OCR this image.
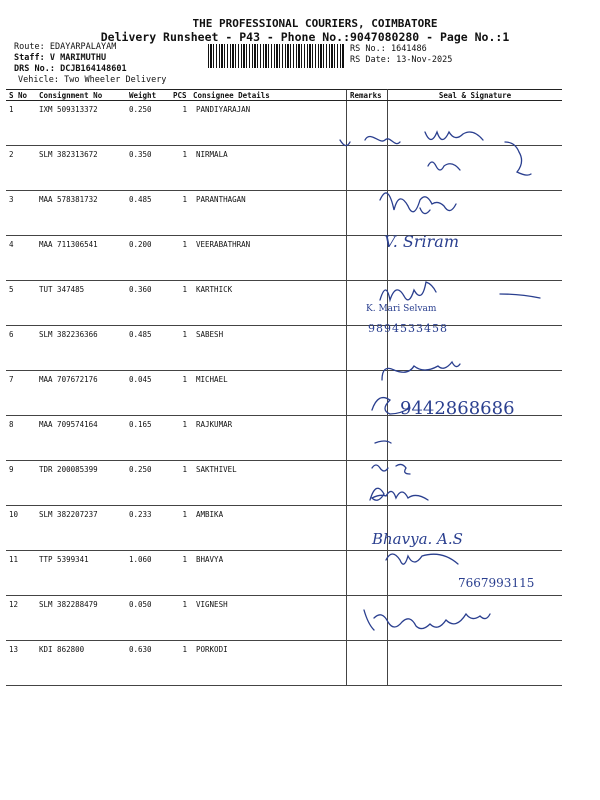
THE PROFESSIONAL COURIERS, COIMBATORE
Delivery Runsheet - P43 - Phone No.:9047080280 - Page No.:1
Route: EDAYARPALAYAM
Staff: V MARIMUTHU
DRS No.: DCJB164148601
Vehicle: Two Wheeler Delivery
RS No.: 1641486
RS Date: 13-Nov-2025
S No	Consignment No	Weight	PCS	Consignee Details	Remarks	Seal & Signature
1	IXM 509313372	0.250	1	PANDIYARAJAN		
2	SLM 382313672	0.350	1	NIRMALA		
3	MAA 578381732	0.485	1	PARANTHAGAN		
4	MAA 711306541	0.200	1	VEERABATHRAN		
5	TUT 347485	0.360	1	KARTHICK		
6	SLM 382236366	0.485	1	SABESH		
7	MAA 707672176	0.045	1	MICHAEL		
8	MAA 709574164	0.165	1	RAJKUMAR		
9	TDR 200085399	0.250	1	SAKTHIVEL		
10	SLM 382207237	0.233	1	AMBIKA		
11	TTP 5399341	1.060	1	BHAVYA		
12	SLM 382288479	0.050	1	VIGNESH		
13	KDI 862800	0.630	1	PORKODI		
K. Mari Selvam
9894533458
V. Sriram
9442868686
Bhavya. A.S
7667993115
